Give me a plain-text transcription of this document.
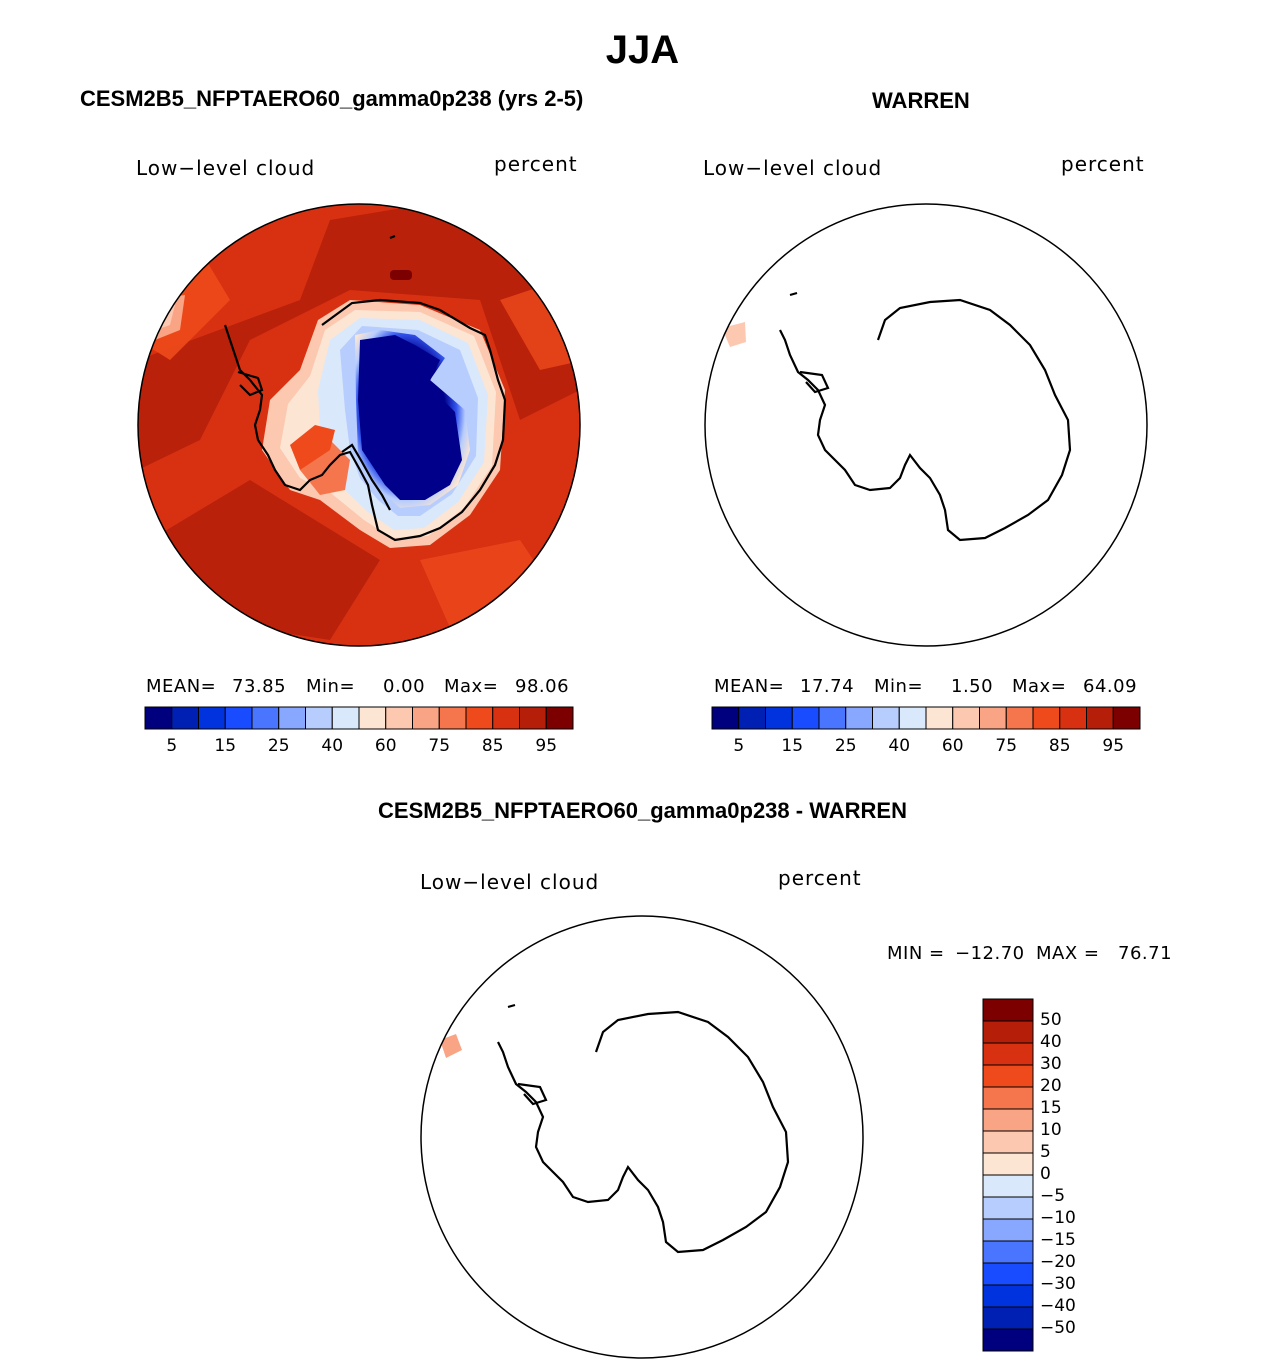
JJA
CESM2B5_NFPTAERO60_gamma0p238 (yrs 2-5)
Low−level cloud	percent
MEAN= 73.85 Min= 0.00 Max= 98.06
5	15	25	40	60	75	85	95
WARREN
Low−level cloud	percent
MEAN= 17.74 Min= 1.50 Max= 64.09
5	15	25	40	60	75	85	95
CESM2B5_NFPTAERO60_gamma0p238 - WARREN
Low−level cloud	percent
MIN = −12.70 MAX = 76.71
50
40
30
20
15
10
5
0
−5
−10
−15
−20
−30
−40
−50
